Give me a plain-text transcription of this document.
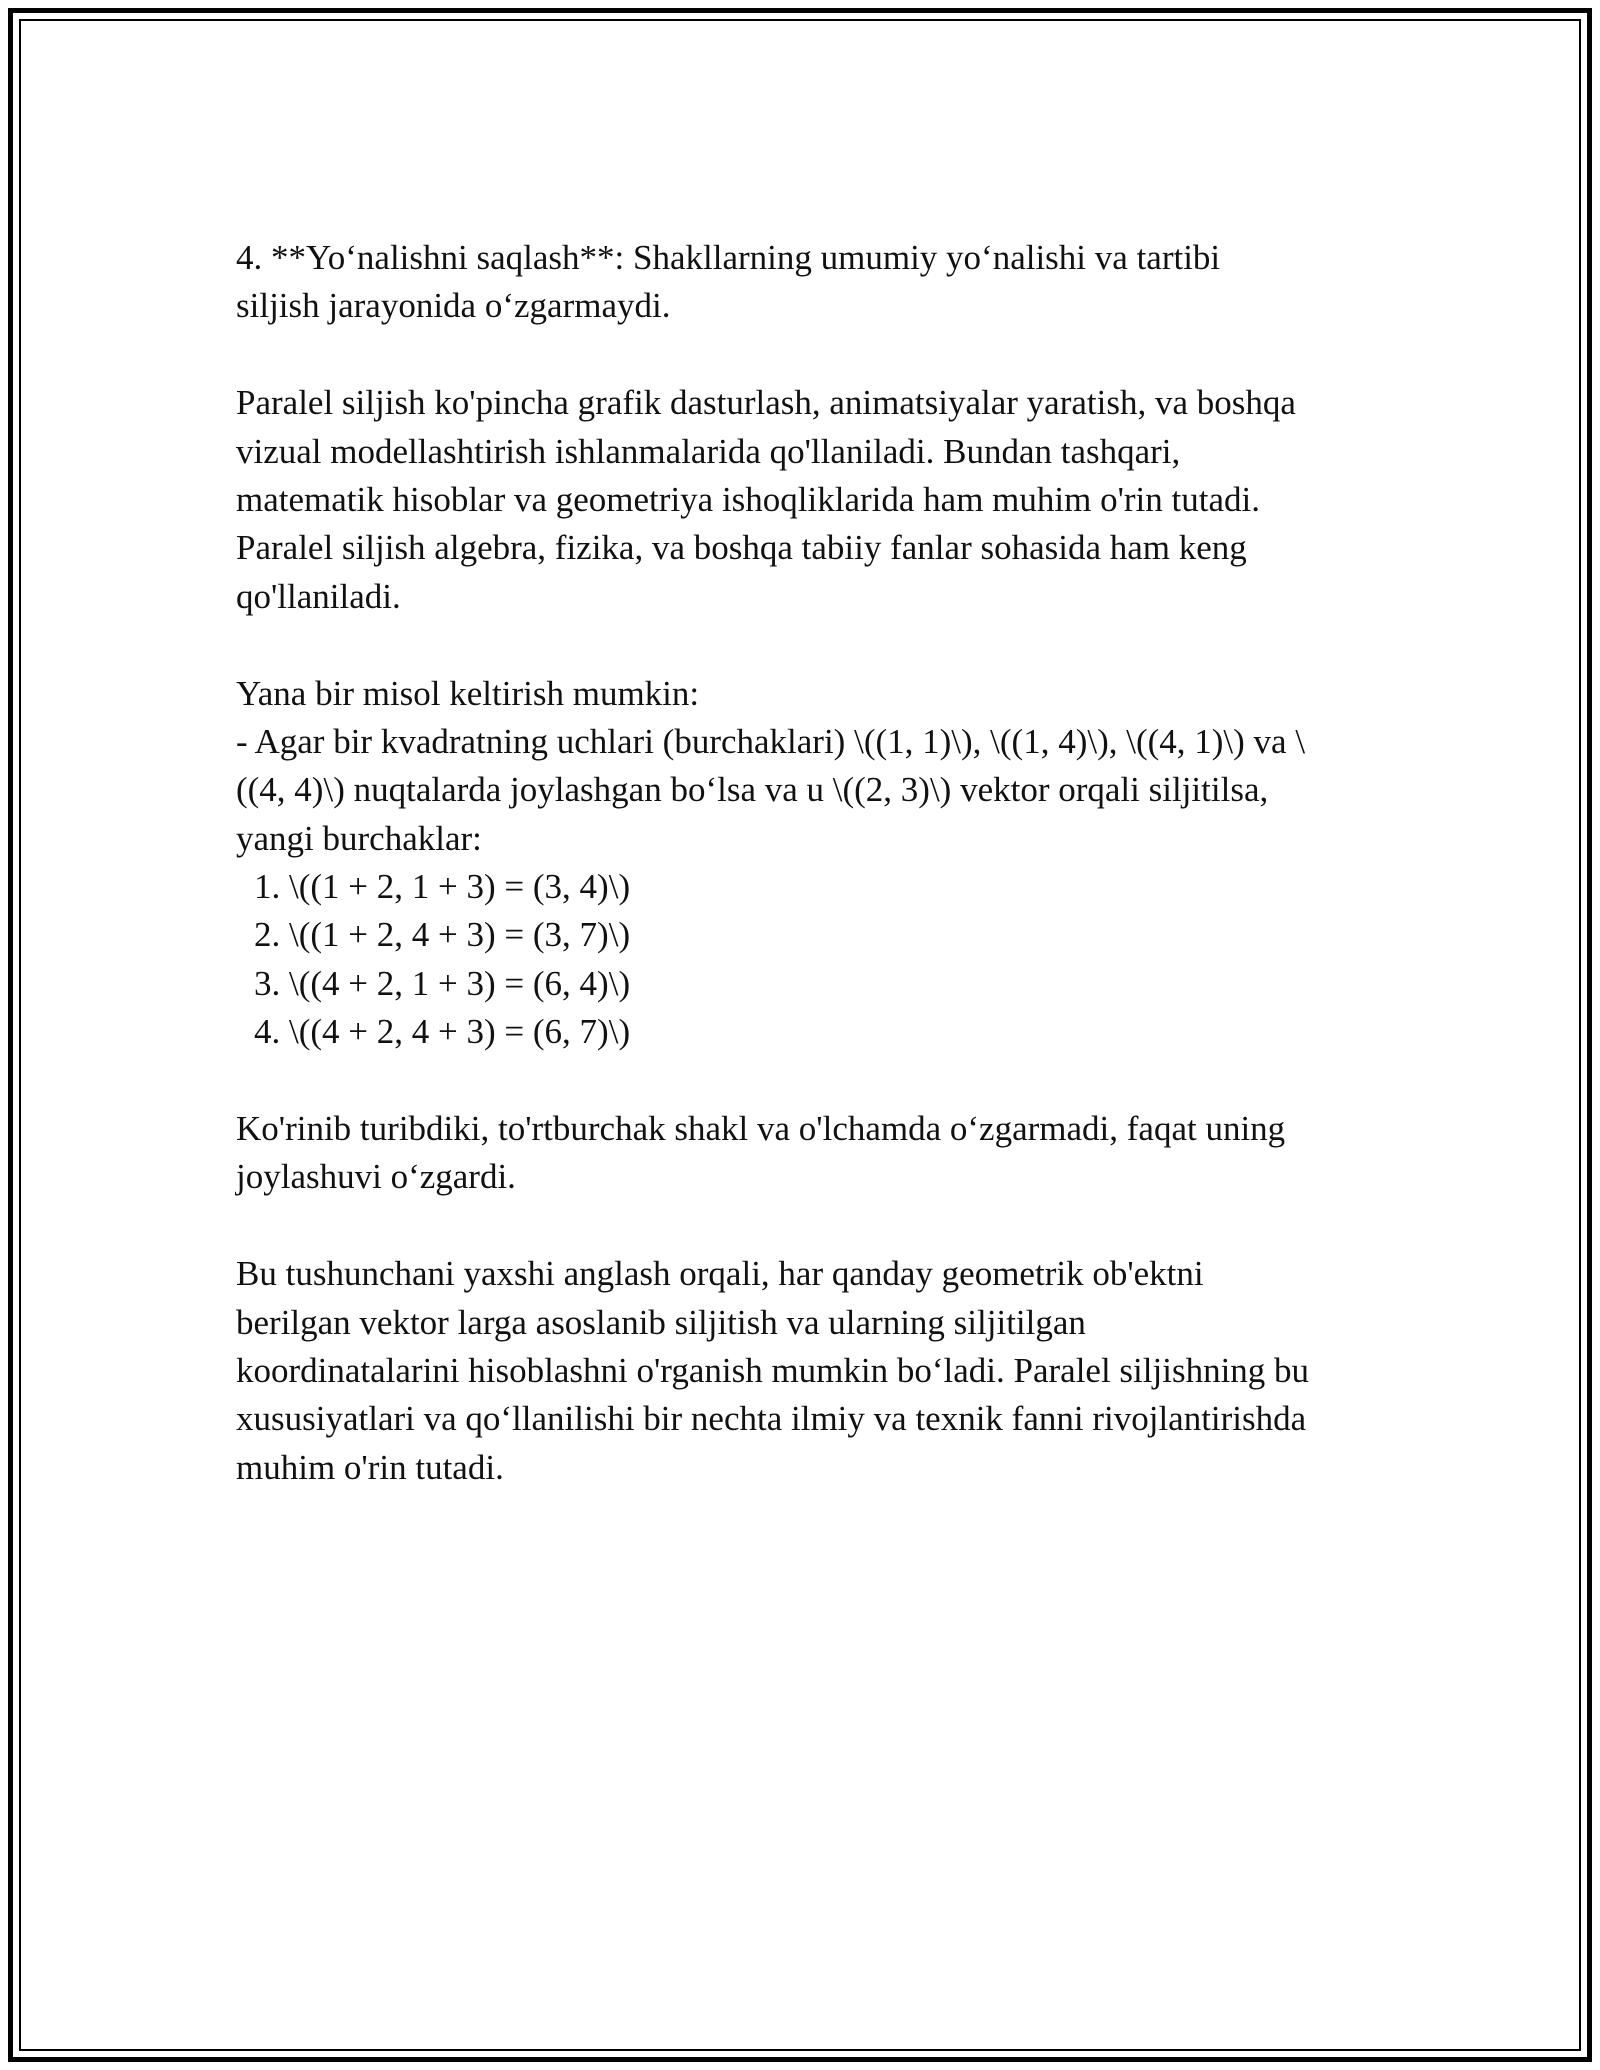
4. **Yo‘nalishni saqlash**: Shakllarning umumiy yo‘nalishi va tartibi
siljish jarayonida o‘zgarmaydi.
Paralel siljish ko'pincha grafik dasturlash, animatsiyalar yaratish, va boshqa
vizual modellashtirish ishlanmalarida qo'llaniladi. Bundan tashqari,
matematik hisoblar va geometriya ishoqliklarida ham muhim o'rin tutadi.
Paralel siljish algebra, fizika, va boshqa tabiiy fanlar sohasida ham keng
qo'llaniladi.
Yana bir misol keltirish mumkin:
- Agar bir kvadratning uchlari (burchaklari) \((1, 1)\), \((1, 4)\), \((4, 1)\) va \
((4, 4)\) nuqtalarda joylashgan bo‘lsa va u \((2, 3)\) vektor orqali siljitilsa,
yangi burchaklar:
1. \((1 + 2, 1 + 3) = (3, 4)\)
2. \((1 + 2, 4 + 3) = (3, 7)\)
3. \((4 + 2, 1 + 3) = (6, 4)\)
4. \((4 + 2, 4 + 3) = (6, 7)\)
Ko'rinib turibdiki, to'rtburchak shakl va o'lchamda o‘zgarmadi, faqat uning
joylashuvi o‘zgardi.
Bu tushunchani yaxshi anglash orqali, har qanday geometrik ob'ektni
berilgan vektor larga asoslanib siljitish va ularning siljitilgan
koordinatalarini hisoblashni o'rganish mumkin bo‘ladi. Paralel siljishning bu
xususiyatlari va qo‘llanilishi bir nechta ilmiy va texnik fanni rivojlantirishda
muhim o'rin tutadi.
